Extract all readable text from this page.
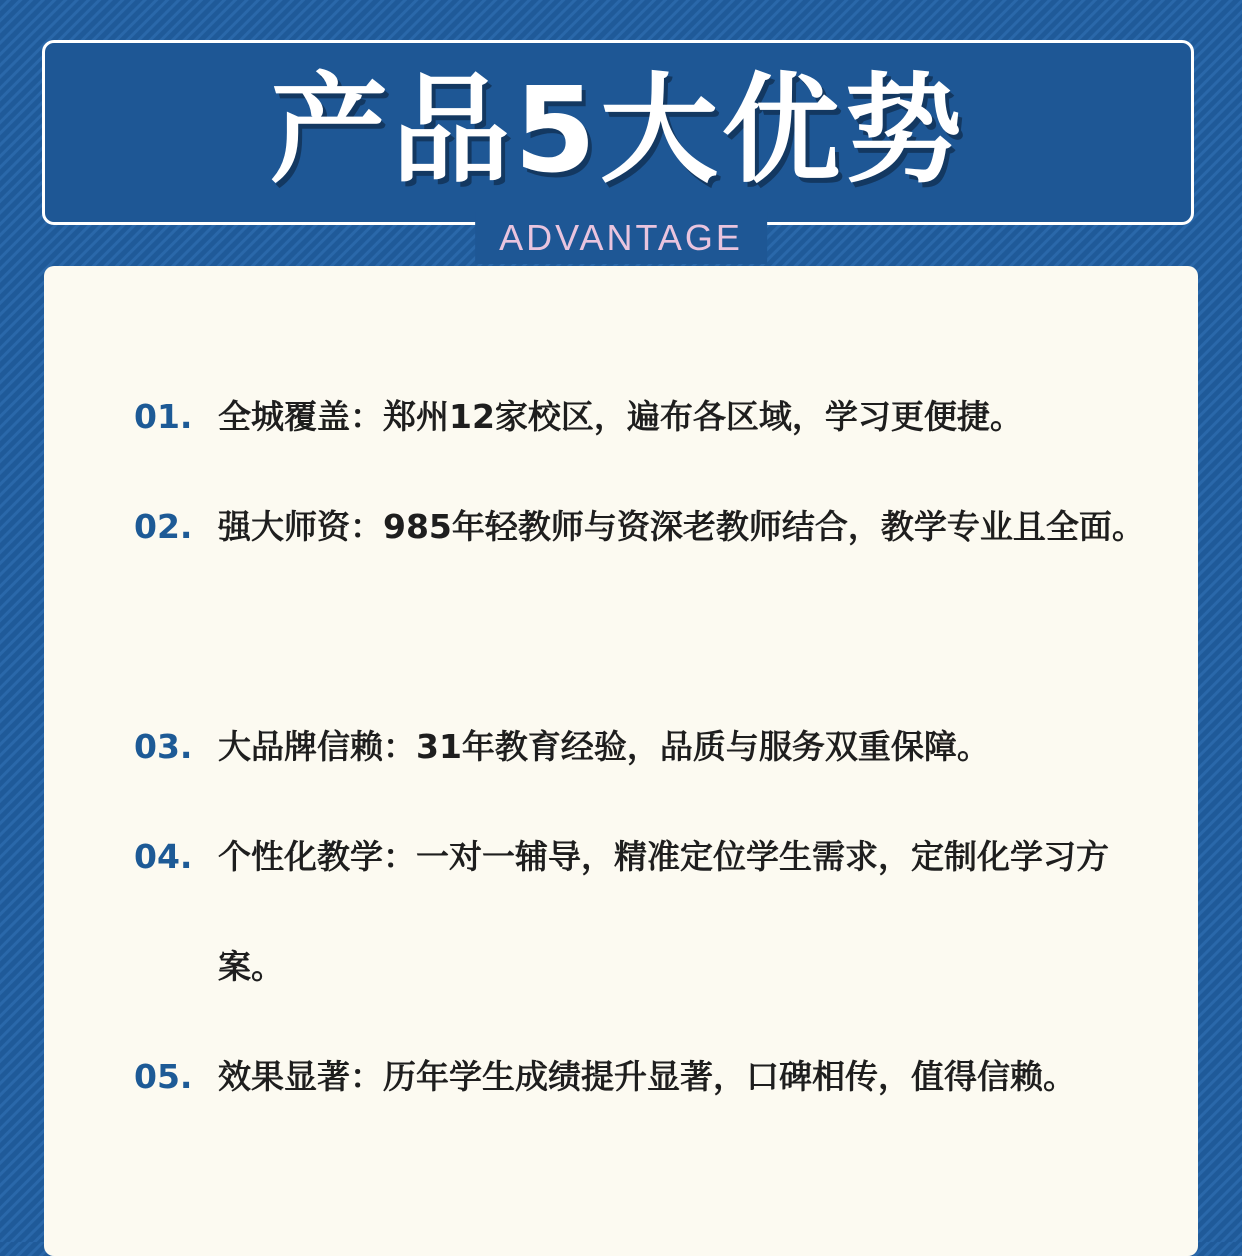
产品5大优势
ADVANTAGE
01. 全城覆盖：郑州12家校区，遍布各区域，学习更便捷。
02. 强大师资：985年轻教师与资深老教师结合，教学专业且全面。
03. 大品牌信赖：31年教育经验，品质与服务双重保障。
04. 个性化教学：一对一辅导，精准定位学生需求，定制化学习方案。
05. 效果显著：历年学生成绩提升显著，口碑相传，值得信赖。
